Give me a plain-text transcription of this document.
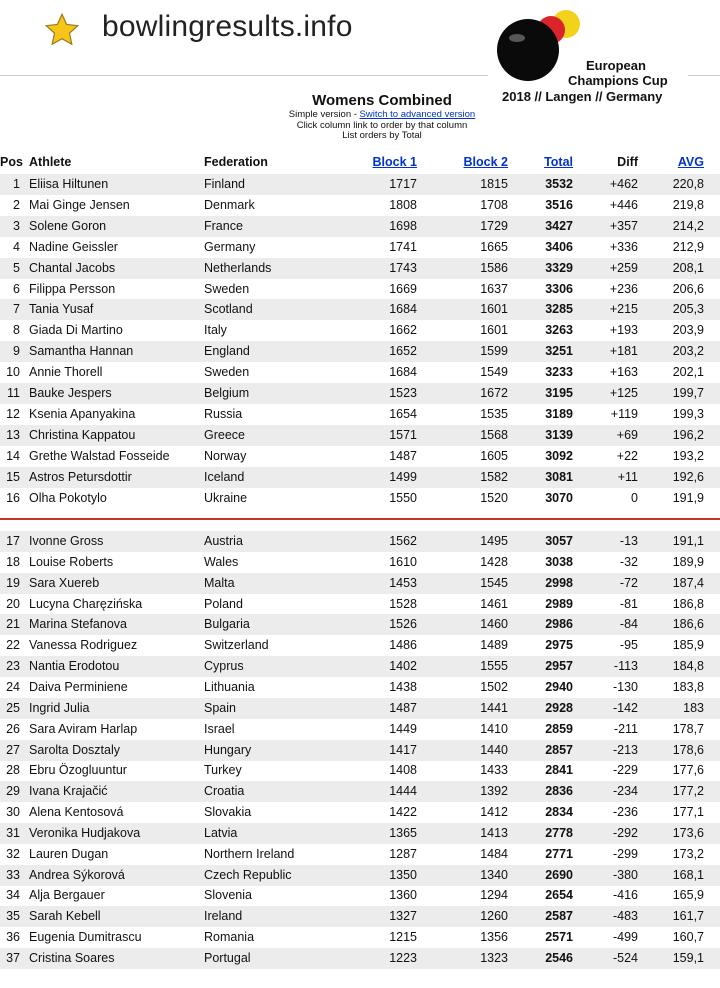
bowlingresults.info
European
Champions Cup
2018 // Langen // Germany
Womens Combined
Simple version - Switch to advanced version
Click column link to order by that column
List orders by Total
Pos Athlete	Federation	Block 1	Block 2	Total	Diff	AVG
1 Eliisa Hiltunen	Finland	1717	1815	3532	+462	220,8
2 Mai Ginge Jensen	Denmark	1808	1708	3516	+446	219,8
3 Solene Goron	France	1698	1729	3427	+357	214,2
4 Nadine Geissler	Germany	1741	1665	3406	+336	212,9
5 Chantal Jacobs	Netherlands	1743	1586	3329	+259	208,1
6 Filippa Persson	Sweden	1669	1637	3306	+236	206,6
7 Tania Yusaf	Scotland	1684	1601	3285	+215	205,3
8 Giada Di Martino	Italy	1662	1601	3263	+193	203,9
9 Samantha Hannan	England	1652	1599	3251	+181	203,2
10 Annie Thorell	Sweden	1684	1549	3233	+163	202,1
11 Bauke Jespers	Belgium	1523	1672	3195	+125	199,7
12 Ksenia Apanyakina	Russia	1654	1535	3189	+119	199,3
13 Christina Kappatou	Greece	1571	1568	3139	+69	196,2
14 Grethe Walstad Fosseide	Norway	1487	1605	3092	+22	193,2
15 Astros Petursdottir	Iceland	1499	1582	3081	+11	192,6
16 Olha Pokotylo	Ukraine	1550	1520	3070	0	191,9
17 Ivonne Gross	Austria	1562	1495	3057	-13	191,1
18 Louise Roberts	Wales	1610	1428	3038	-32	189,9
19 Sara Xuereb	Malta	1453	1545	2998	-72	187,4
20 Lucyna Charęzińska	Poland	1528	1461	2989	-81	186,8
21 Marina Stefanova	Bulgaria	1526	1460	2986	-84	186,6
22 Vanessa Rodriguez	Switzerland	1486	1489	2975	-95	185,9
23 Nantia Erodotou	Cyprus	1402	1555	2957	-113	184,8
24 Daiva Perminiene	Lithuania	1438	1502	2940	-130	183,8
25 Ingrid Julia	Spain	1487	1441	2928	-142	183
26 Sara Aviram Harlap	Israel	1449	1410	2859	-211	178,7
27 Sarolta Dosztaly	Hungary	1417	1440	2857	-213	178,6
28 Ebru Özogluuntur	Turkey	1408	1433	2841	-229	177,6
29 Ivana Krajačić	Croatia	1444	1392	2836	-234	177,2
30 Alena Kentosová	Slovakia	1422	1412	2834	-236	177,1
31 Veronika Hudjakova	Latvia	1365	1413	2778	-292	173,6
32 Lauren Dugan	Northern Ireland	1287	1484	2771	-299	173,2
33 Andrea Sýkorová	Czech Republic	1350	1340	2690	-380	168,1
34 Alja Bergauer	Slovenia	1360	1294	2654	-416	165,9
35 Sarah Kebell	Ireland	1327	1260	2587	-483	161,7
36 Eugenia Dumitrascu	Romania	1215	1356	2571	-499	160,7
37 Cristina Soares	Portugal	1223	1323	2546	-524	159,1
